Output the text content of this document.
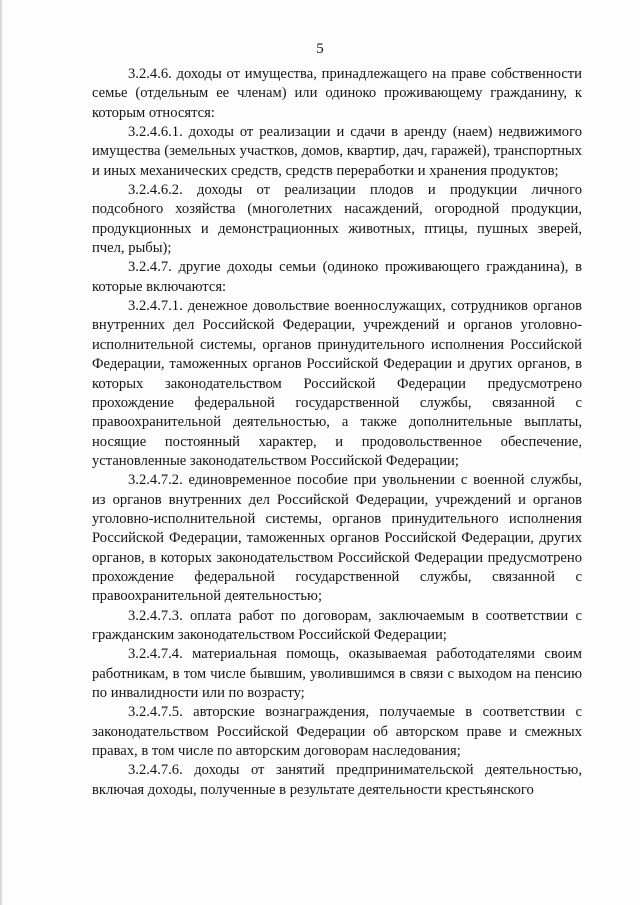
5

3.2.4.6. доходы от имущества, принадлежащего на праве собственности семье (отдельным ее членам) или одиноко проживающему гражданину, к которым относятся:

3.2.4.6.1. доходы от реализации и сдачи в аренду (наем) недвижимого имущества (земельных участков, домов, квартир, дач, гаражей), транспортных и иных механических средств, средств переработки и хранения продуктов;

3.2.4.6.2. доходы от реализации плодов и продукции личного подсобного хозяйства (многолетних насаждений, огородной продукции, продукционных и демонстрационных животных, птицы, пушных зверей, пчел, рыбы);

3.2.4.7. другие доходы семьи (одиноко проживающего гражданина), в которые включаются:

3.2.4.7.1. денежное довольствие военнослужащих, сотрудников органов внутренних дел Российской Федерации, учреждений и органов уголовно-исполнительной системы, органов принудительного исполнения Российской Федерации, таможенных органов Российской Федерации и других органов, в которых законодательством Российской Федерации предусмотрено прохождение федеральной государственной службы, связанной с правоохранительной деятельностью, а также дополнительные выплаты, носящие постоянный характер, и продовольственное обеспечение, установленные законодательством Российской Федерации;

3.2.4.7.2. единовременное пособие при увольнении с военной службы, из органов внутренних дел Российской Федерации, учреждений и органов уголовно-исполнительной системы, органов принудительного исполнения Российской Федерации, таможенных органов Российской Федерации, других органов, в которых законодательством Российской Федерации предусмотрено прохождение федеральной государственной службы, связанной с правоохранительной деятельностью;

3.2.4.7.3. оплата работ по договорам, заключаемым в соответствии с гражданским законодательством Российской Федерации;

3.2.4.7.4. материальная помощь, оказываемая работодателями своим работникам, в том числе бывшим, уволившимся в связи с выходом на пенсию по инвалидности или по возрасту;

3.2.4.7.5. авторские вознаграждения, получаемые в соответствии с законодательством Российской Федерации об авторском праве и смежных правах, в том числе по авторским договорам наследования;

3.2.4.7.6. доходы от занятий предпринимательской деятельностью, включая доходы, полученные в результате деятельности крестьянского
